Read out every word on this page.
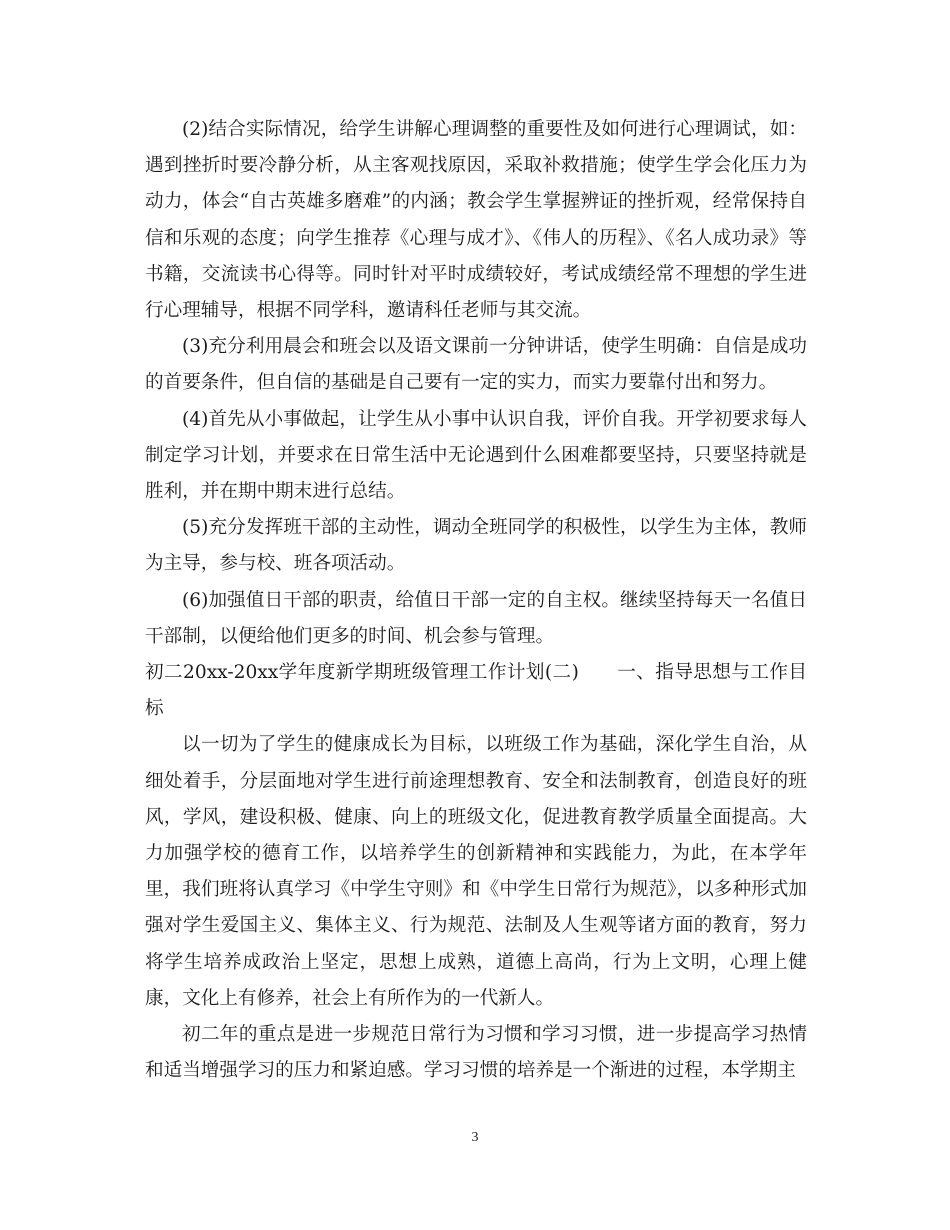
(2)结合实际情况，给学生讲解心理调整的重要性及如何进行心理调试，如：遇到挫折时要冷静分析，从主客观找原因，采取补救措施；使学生学会化压力为动力，体会“自古英雄多磨难”的内涵；教会学生掌握辨证的挫折观，经常保持自信和乐观的态度；向学生推荐《心理与成才》、《伟人的历程》、《名人成功录》等书籍，交流读书心得等。同时针对平时成绩较好，考试成绩经常不理想的学生进行心理辅导，根据不同学科，邀请科任老师与其交流。

(3)充分利用晨会和班会以及语文课前一分钟讲话，使学生明确：自信是成功的首要条件，但自信的基础是自己要有一定的实力，而实力要靠付出和努力。

(4)首先从小事做起，让学生从小事中认识自我，评价自我。开学初要求每人制定学习计划，并要求在日常生活中无论遇到什么困难都要坚持，只要坚持就是胜利，并在期中期末进行总结。

(5)充分发挥班干部的主动性，调动全班同学的积极性，以学生为主体，教师为主导，参与校、班各项活动。

(6)加强值日干部的职责，给值日干部一定的自主权。继续坚持每天一名值日干部制，以便给他们更多的时间、机会参与管理。

初二20xx-20xx学年度新学期班级管理工作计划(二)　　一、指导思想与工作目标

以一切为了学生的健康成长为目标，以班级工作为基础，深化学生自治，从细处着手，分层面地对学生进行前途理想教育、安全和法制教育，创造良好的班风，学风，建设积极、健康、向上的班级文化，促进教育教学质量全面提高。大力加强学校的德育工作，以培养学生的创新精神和实践能力，为此，在本学年里，我们班将认真学习《中学生守则》和《中学生日常行为规范》，以多种形式加强对学生爱国主义、集体主义、行为规范、法制及人生观等诸方面的教育，努力将学生培养成政治上坚定，思想上成熟，道德上高尚，行为上文明，心理上健康，文化上有修养，社会上有所作为的一代新人。

初二年的重点是进一步规范日常行为习惯和学习习惯，进一步提高学习热情和适当增强学习的压力和紧迫感。学习习惯的培养是一个渐进的过程，本学期主

3
